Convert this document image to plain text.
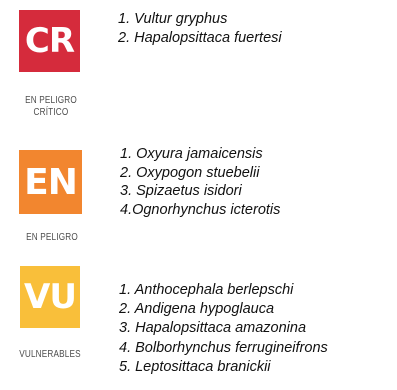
CR
EN PELIGRO
CRÍTICO
1. Vultur gryphus
2. Hapalopsittaca fuertesi
EN
EN PELIGRO
1. Oxyura jamaicensis
2. Oxypogon stuebelii
3. Spizaetus isidori
4.Ognorhynchus icterotis
VU
VULNERABLES
1. Anthocephala berlepschi
2. Andigena hypoglauca
3. Hapalopsittaca amazonina
4. Bolborhynchus ferrugineifrons
5. Leptosittaca branickii
